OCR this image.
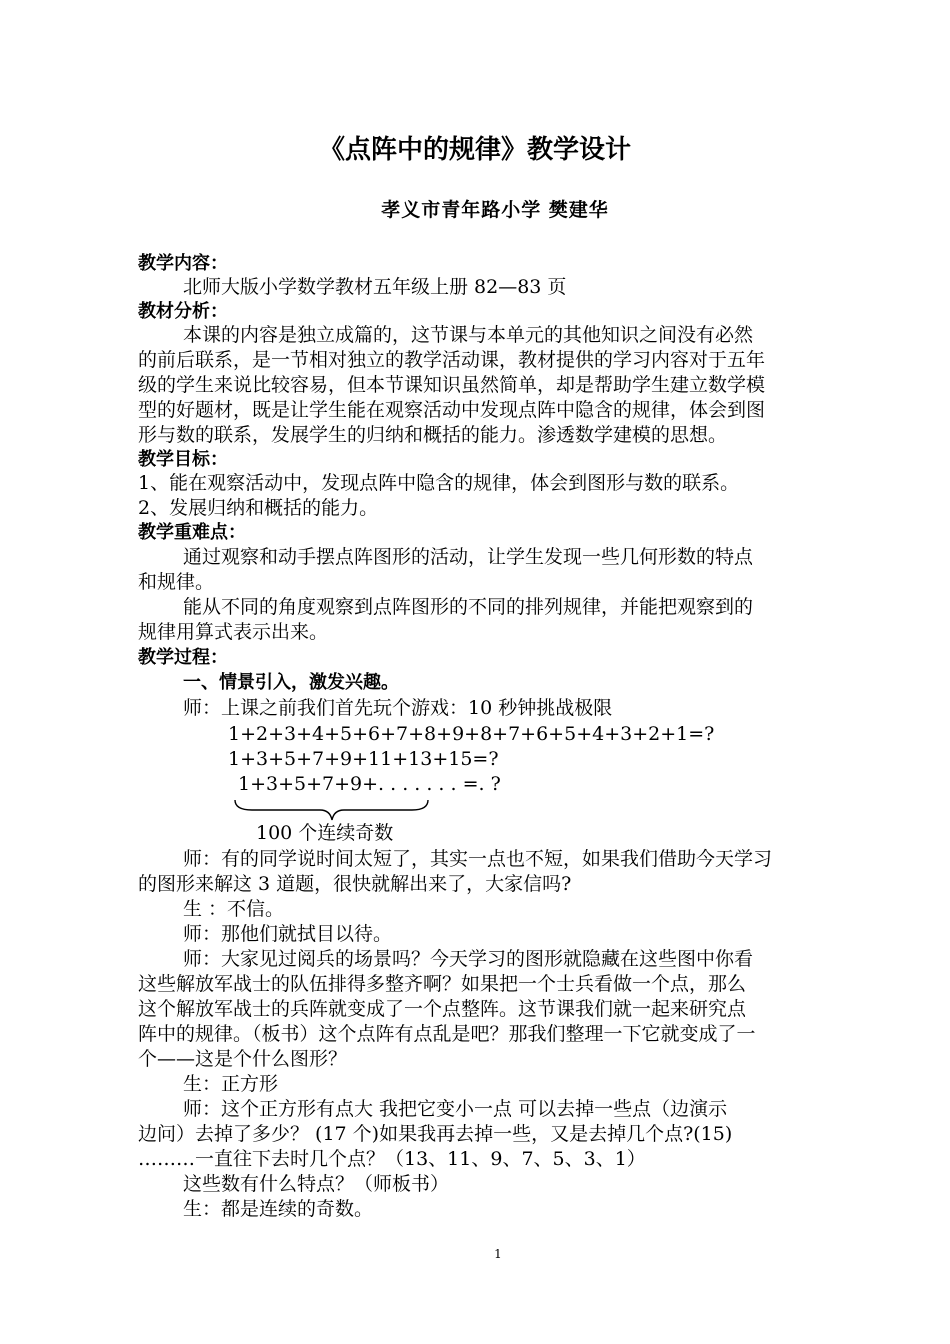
《点阵中的规律》教学设计
孝义市青年路小学 樊建华
教学内容：
北师大版小学数学教材五年级上册 82—83 页
教材分析：
本课的内容是独立成篇的，这节课与本单元的其他知识之间没有必然
的前后联系，是一节相对独立的教学活动课，教材提供的学习内容对于五年
级的学生来说比较容易，但本节课知识虽然简单，却是帮助学生建立数学模
型的好题材，既是让学生能在观察活动中发现点阵中隐含的规律，体会到图
形与数的联系，发展学生的归纳和概括的能力。渗透数学建模的思想。
教学目标：
1、能在观察活动中，发现点阵中隐含的规律，体会到图形与数的联系。
2、发展归纳和概括的能力。
教学重难点：
通过观察和动手摆点阵图形的活动，让学生发现一些几何形数的特点
和规律。
能从不同的角度观察到点阵图形的不同的排列规律，并能把观察到的
规律用算式表示出来。
教学过程：
一、情景引入，激发兴趣。
师：上课之前我们首先玩个游戏：10 秒钟挑战极限
1+2+3+4+5+6+7+8+9+8+7+6+5+4+3+2+1=?
1+3+5+7+9+11+13+15=?
1+3+5+7+9+. . . . . . . =. ?
100 个连续奇数
师：有的同学说时间太短了，其实一点也不短，如果我们借助今天学习
的图形来解这 3 道题，很快就解出来了，大家信吗?
生 ：不信。
师：那他们就拭目以待。
师：大家见过阅兵的场景吗？今天学习的图形就隐藏在这些图中你看
这些解放军战士的队伍排得多整齐啊？如果把一个士兵看做一个点，那么
这个解放军战士的兵阵就变成了一个点整阵。这节课我们就一起来研究点
阵中的规律。（板书）这个点阵有点乱是吧？那我们整理一下它就变成了一
个——这是个什么图形？
生：正方形
师：这个正方形有点大 我把它变小一点 可以去掉一些点（边演示
边问）去掉了多少？ (17 个)如果我再去掉一些，又是去掉几个点?(15)
………一直往下去时几个点？（13、11、9、7、5、3、1）
这些数有什么特点？（师板书）
生：都是连续的奇数。
1
